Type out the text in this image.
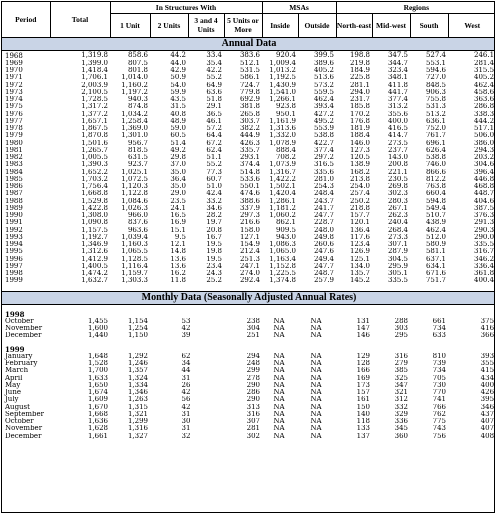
Period	Total	In Structures With				MSAs		Regions			
		1 Unit	2 Units	3 and 4 Units	5 Units or More	Inside	Outside	North-east	Mid-west	South	West
Annual Data											
1968	1,319.8	858.6	44.2	33.4	383.6	920.4	399.5	198.8	347.5	527.4	246.1
1969	1,399.0	807.5	44.0	35.4	512.1	1,009.4	389.6	219.8	344.7	553.1	281.4
1970	1,418.4	801.8	42.9	42.2	531.5	1,013.2	405.2	184.9	323.4	594.6	315.5
1971	1,706.1	1,014.0	50.9	55.2	586.1	1,192.5	513.6	225.8	348.1	727.0	405.2
1972	2,003.9	1,160.2	54.0	64.9	724.7	1,430.9	573.2	281.1	411.8	848.5	462.4
1973	2,100.5	1,197.2	59.9	63.6	779.8	1,541.0	559.5	294.0	441.7	906.3	458.6
1974	1,728.5	940.3	43.5	51.8	692.9	1,266.1	462.4	231.7	377.4	755.8	363.6
1975	1,317.2	874.8	31.5	29.1	381.8	923.8	393.4	185.8	313.2	531.3	286.8
1976	1,377.2	1,034.2	40.8	36.5	265.8	950.1	427.2	170.2	355.6	513.2	338.3
1977	1,657.1	1,258.4	48.9	46.1	303.7	1,161.9	495.2	176.8	400.0	636.1	444.2
1978	1,867.5	1,369.0	59.0	57.2	382.2	1,313.6	553.9	181.9	416.5	752.0	517.1
1979	1,870.8	1,301.0	60.5	64.4	444.9	1,332.0	538.8	188.4	414.7	761.7	506.0
1980	1,501.6	956.7	51.4	67.2	426.3	1,078.9	422.7	146.0	273.5	696.1	386.0
1981	1,265.7	818.5	49.2	62.4	335.7	888.4	377.4	127.3	237.7	626.4	294.3
1982	1,005.5	631.5	29.8	51.1	293.1	708.2	297.2	120.5	143.0	538.8	203.2
1983	1,390.3	923.7	37.0	55.2	374.4	1,073.9	316.5	138.9	200.8	746.0	304.6
1984	1,652.2	1,025.1	35.0	77.3	514.8	1,316.7	335.6	168.2	221.1	866.6	396.4
1985	1,703.2	1,072.5	36.4	60.7	533.6	1,422.2	281.0	213.8	230.5	812.2	446.8
1986	1,756.4	1,120.3	35.0	51.0	550.1	1,502.1	254.3	254.0	269.8	763.8	468.8
1987	1,668.8	1,122.8	29.0	42.4	474.6	1,420.4	248.4	257.4	302.3	660.4	448.7
1988	1,529.8	1,084.6	23.5	33.2	388.6	1,286.1	243.7	250.2	280.3	594.8	404.6
1989	1,422.8	1,026.3	24.1	34.6	337.9	1,181.2	241.7	218.8	267.1	549.4	387.5
1990	1,308.0	966.0	16.5	28.2	297.3	1,060.2	247.7	157.7	262.3	510.7	376.3
1991	1,090.8	837.6	16.9	19.7	216.6	862.1	228.7	120.1	240.4	438.9	291.3
1992	1,157.5	963.6	15.1	20.8	158.0	909.5	248.0	136.4	268.4	462.4	290.3
1993	1,192.7	1,039.4	9.5	16.7	127.1	943.0	249.8	117.6	273.3	512.0	290.0
1994	1,346.9	1,160.3	12.1	19.5	154.9	1,086.3	260.6	123.4	307.1	580.9	335.5
1995	1,312.6	1,065.5	14.8	19.8	212.4	1,065.0	247.6	126.9	287.9	581.1	316.7
1996	1,412.9	1,128.5	13.6	19.5	251.3	1,163.4	249.4	125.1	304.5	637.1	346.2
1997	1,400.5	1,116.4	13.6	23.4	247.1	1,152.8	247.7	134.0	295.9	634.1	336.4
1998	1,474.2	1,159.7	16.2	24.3	274.0	1,225.5	248.7	135.7	305.1	671.6	361.8
1999	1,632.7	1,303.3	11.8	25.2	292.4	1,374.8	257.9	145.2	335.5	751.7	400.4

Monthly Data (Seasonally Adjusted Annual Rates)											

1998											
October	1,455	1,154	53		238	NA	NA	131	288	661	375
November	1,600	1,254	42		304	NA	NA	147	303	734	416
December	1,440	1,150	39		251	NA	NA	146	295	633	366

1999											
January	1,648	1,292	62		294	NA	NA	129	316	810	393
February	1,528	1,246	34		248	NA	NA	128	279	739	355
March	1,700	1,357	44		299	NA	NA	166	385	734	415
April	1,633	1,324	31		278	NA	NA	169	325	705	434
May	1,650	1,334	26		290	NA	NA	173	347	730	400
June	1,674	1,346	42		286	NA	NA	157	321	770	426
July	1,609	1,263	56		290	NA	NA	161	312	741	395
August	1,670	1,315	42		313	NA	NA	150	332	766	346
September	1,668	1,321	31		316	NA	NA	140	329	762	437
October	1,636	1,299	30		307	NA	NA	118	336	775	407
November	1,628	1,316	31		281	NA	NA	133	345	743	407
December	1,661	1,327	32		302	NA	NA	137	360	756	408
